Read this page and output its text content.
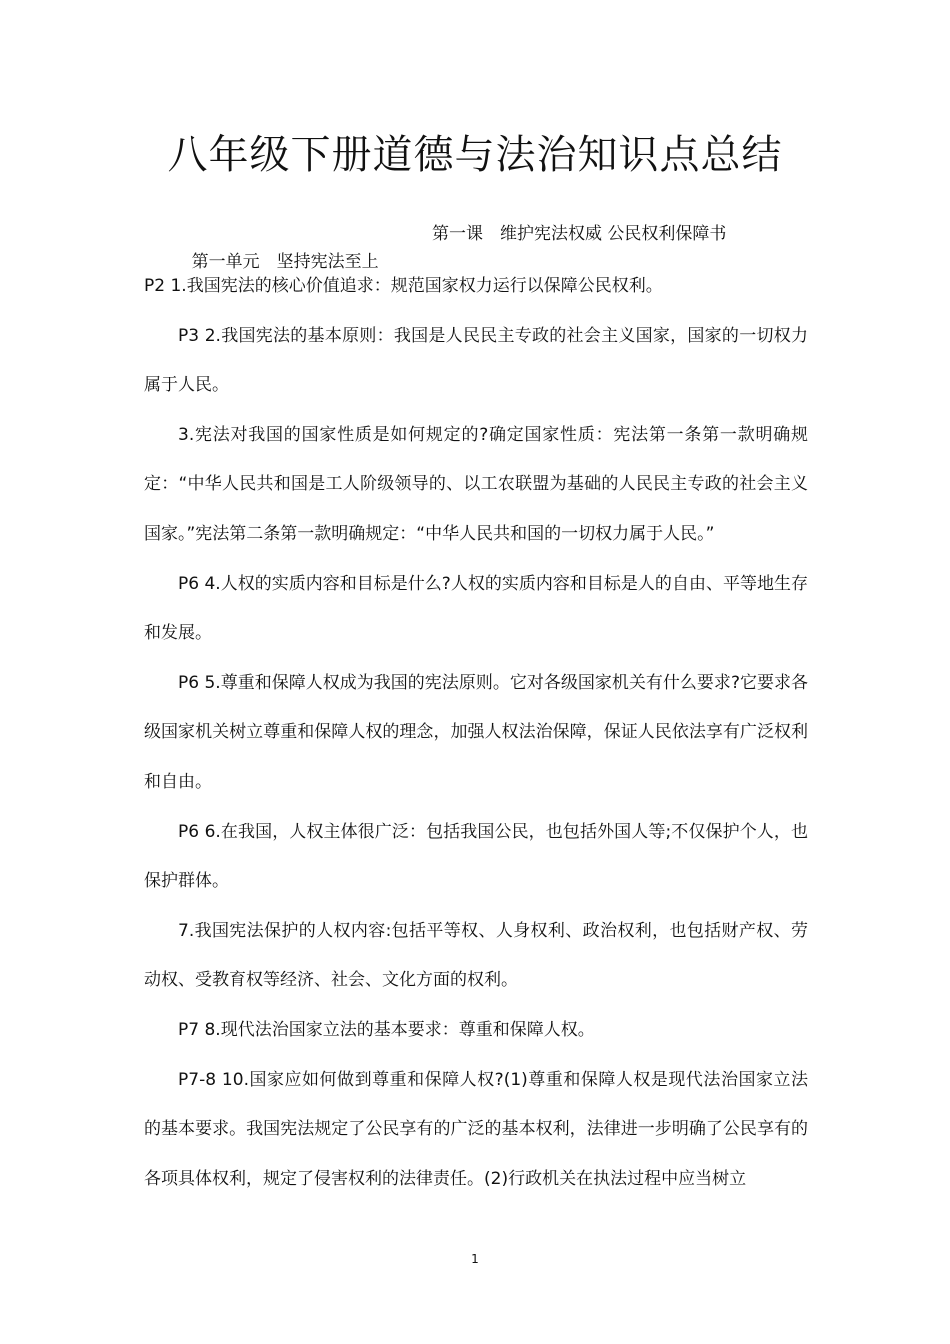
八年级下册道德与法治知识点总结

第一单元　坚持宪法至上

第一课　维护宪法权威 公民权利保障书

P2 1.我国宪法的核心价值追求：规范国家权力运行以保障公民权利。

P3 2.我国宪法的基本原则：我国是人民民主专政的社会主义国家，国家的一切权力属于人民。

3.宪法对我国的国家性质是如何规定的?确定国家性质：宪法第一条第一款明确规定：“中华人民共和国是工人阶级领导的、以工农联盟为基础的人民民主专政的社会主义国家。”宪法第二条第一款明确规定：“中华人民共和国的一切权力属于人民。”

P6 4.人权的实质内容和目标是什么?人权的实质内容和目标是人的自由、平等地生存和发展。

P6 5.尊重和保障人权成为我国的宪法原则。它对各级国家机关有什么要求?它要求各级国家机关树立尊重和保障人权的理念，加强人权法治保障，保证人民依法享有广泛权利和自由。

P6 6.在我国，人权主体很广泛：包括我国公民，也包括外国人等;不仅保护个人，也保护群体。

7.我国宪法保护的人权内容:包括平等权、人身权利、政治权利，也包括财产权、劳动权、受教育权等经济、社会、文化方面的权利。

P7 8.现代法治国家立法的基本要求：尊重和保障人权。

P7-8 10.国家应如何做到尊重和保障人权?(1)尊重和保障人权是现代法治国家立法的基本要求。我国宪法规定了公民享有的广泛的基本权利，法律进一步明确了公民享有的各项具体权利，规定了侵害权利的法律责任。(2)行政机关在执法过程中应当树立

1
